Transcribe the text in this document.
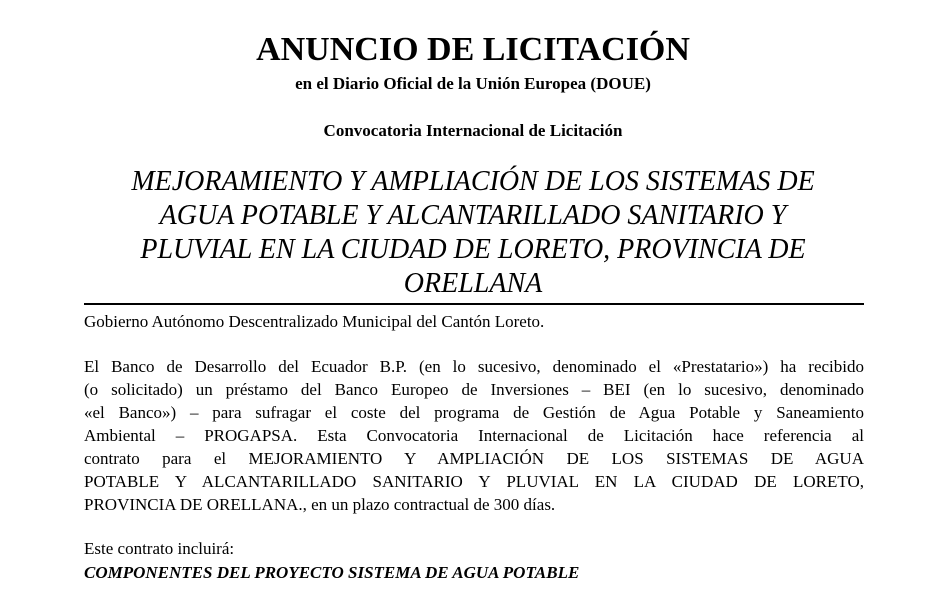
ANUNCIO DE LICITACIÓN
en el Diario Oficial de la Unión Europea (DOUE)
Convocatoria Internacional de Licitación
MEJORAMIENTO Y AMPLIACIÓN DE LOS SISTEMAS DE
AGUA POTABLE Y ALCANTARILLADO SANITARIO Y
PLUVIAL EN LA CIUDAD DE LORETO, PROVINCIA DE
ORELLANA
Gobierno Autónomo Descentralizado Municipal del Cantón Loreto.
El Banco de Desarrollo del Ecuador B.P. (en lo sucesivo, denominado el «Prestatario») ha recibido
(o solicitado) un préstamo del Banco Europeo de Inversiones – BEI (en lo sucesivo, denominado
«el Banco») – para sufragar el coste del programa de Gestión de Agua Potable y Saneamiento
Ambiental – PROGAPSA. Esta Convocatoria Internacional de Licitación hace referencia al
contrato para el MEJORAMIENTO Y AMPLIACIÓN DE LOS SISTEMAS DE AGUA
POTABLE Y ALCANTARILLADO SANITARIO Y PLUVIAL EN LA CIUDAD DE LORETO,
PROVINCIA DE ORELLANA., en un plazo contractual de 300 días.
Este contrato incluirá:
COMPONENTES DEL PROYECTO SISTEMA DE AGUA POTABLE
